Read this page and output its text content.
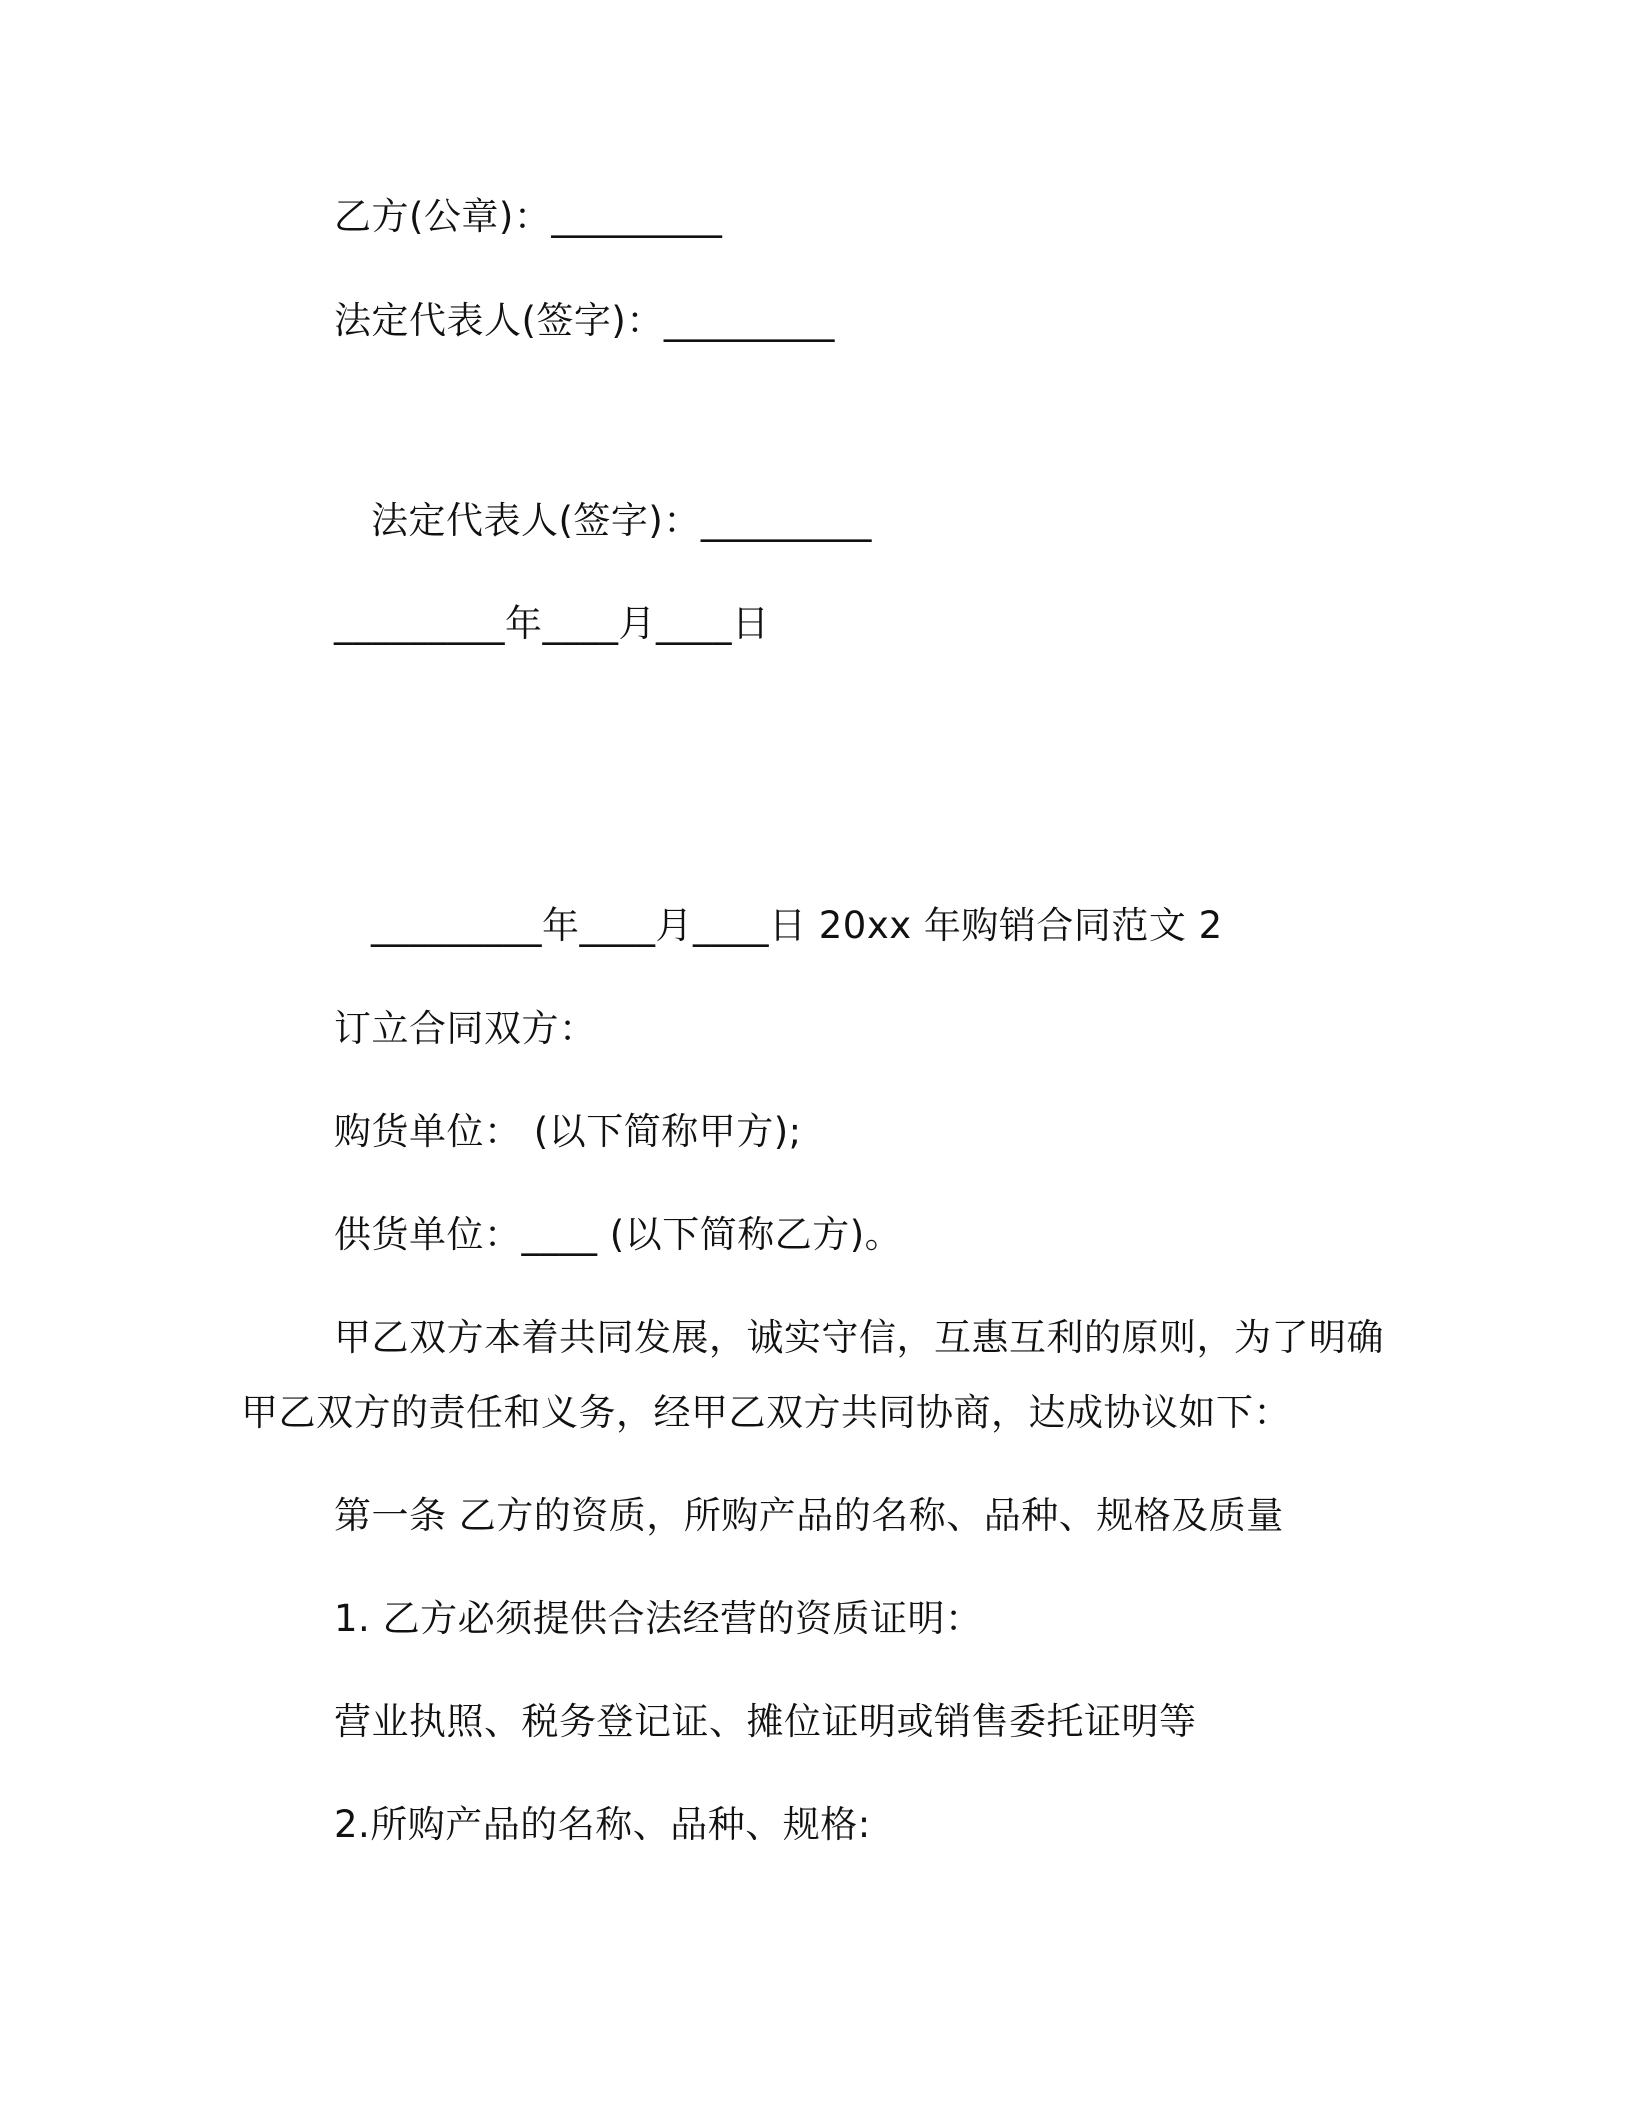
乙方(公章)：_________
法定代表人(签字)：_________
法定代表人(签字)：_________
_________年____月____日
_________年____月____日 20xx 年购销合同范文 2
订立合同双方：
购货单位： (以下简称甲方);
供货单位：____ (以下简称乙方)。
甲乙双方本着共同发展，诚实守信，互惠互利的原则，为了明确
甲乙双方的责任和义务，经甲乙双方共同协商，达成协议如下：
第一条 乙方的资质，所购产品的名称、品种、规格及质量
1. 乙方必须提供合法经营的资质证明：
营业执照、税务登记证、摊位证明或销售委托证明等
2.所购产品的名称、品种、规格:
